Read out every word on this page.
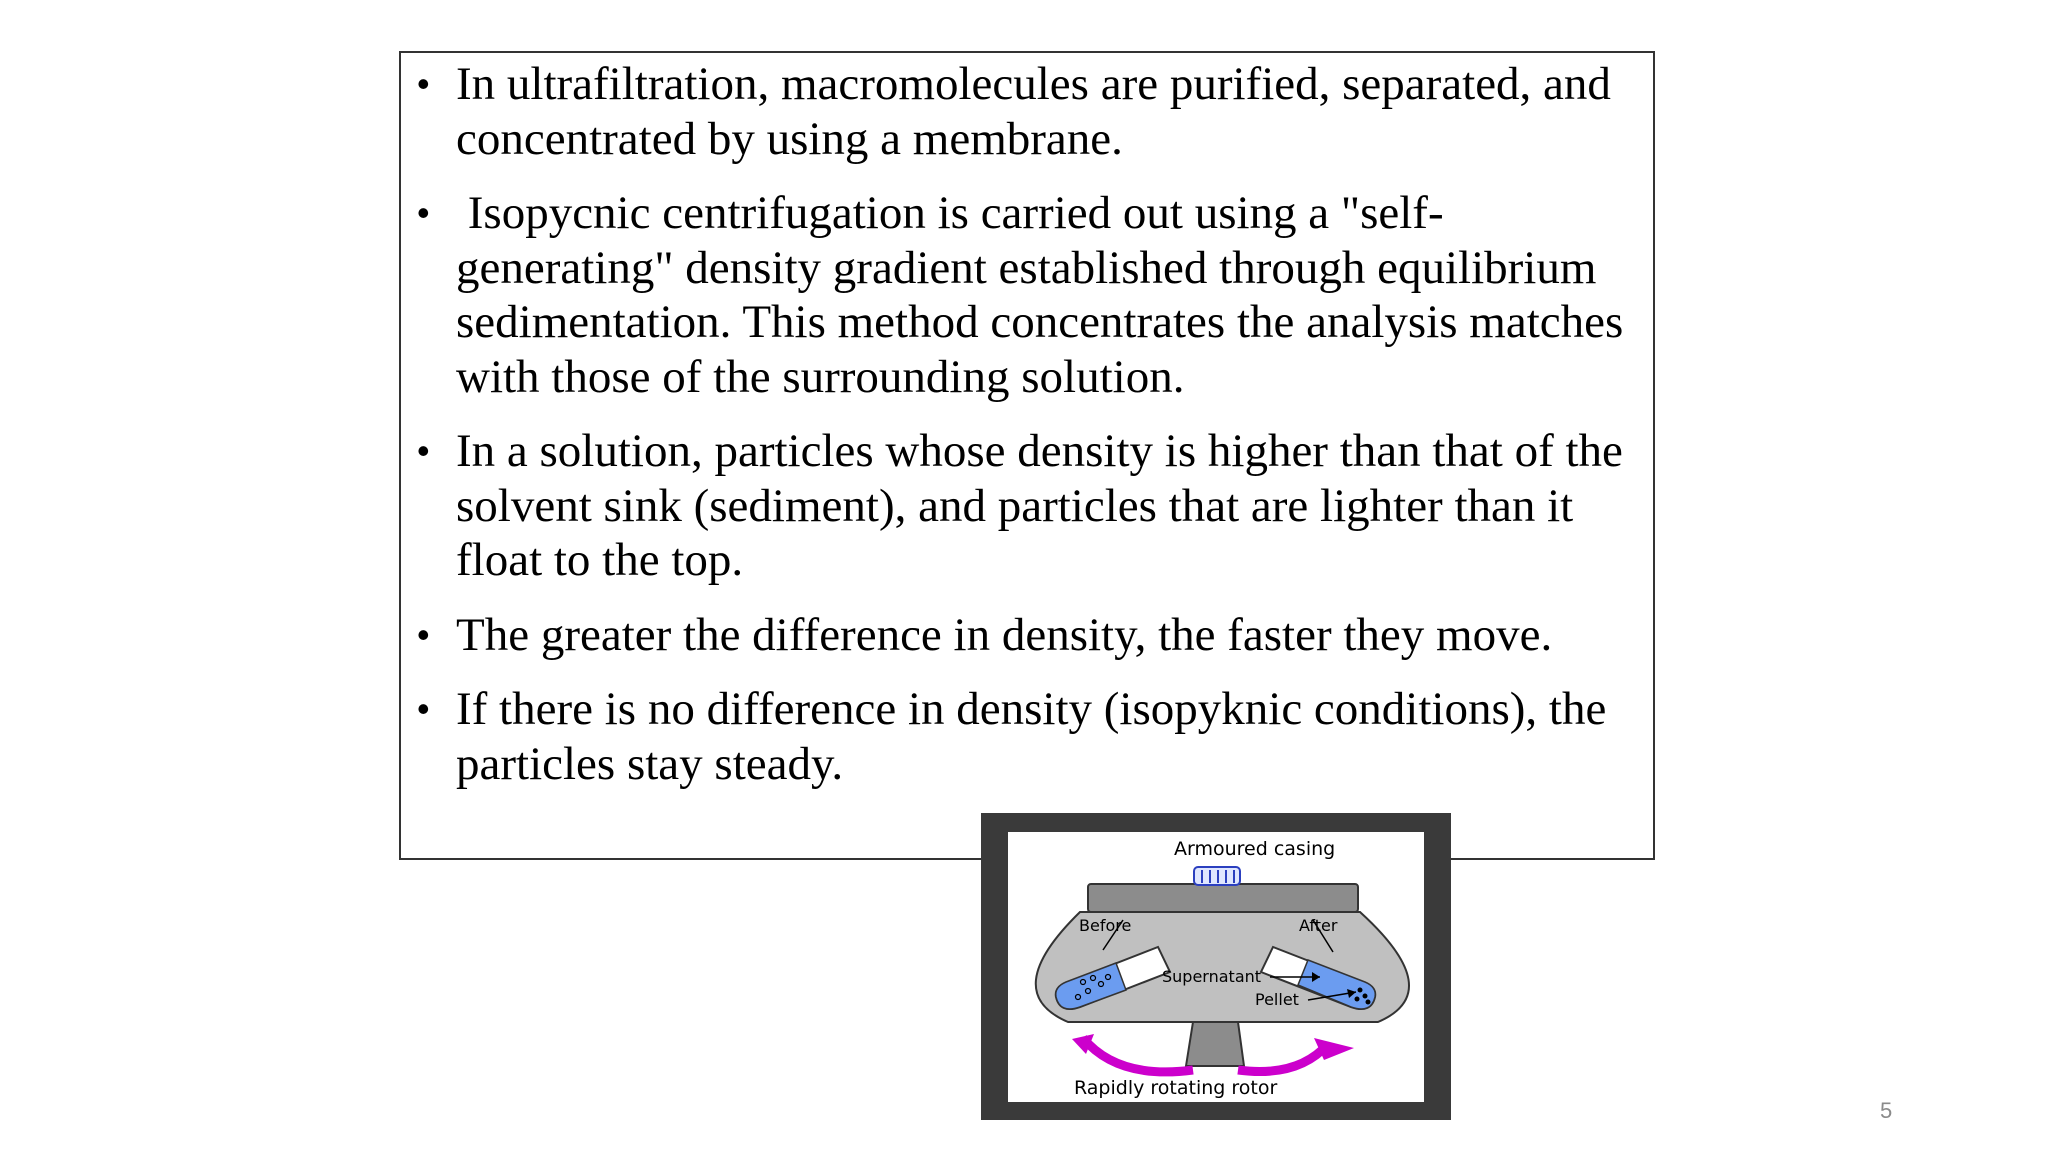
• In ultrafiltration, macromolecules are purified, separated, and concentrated by using a membrane.
• Isopycnic centrifugation is carried out using a "self-generating" density gradient established through equilibrium sedimentation. This method concentrates the analysis matches with those of the surrounding solution.
• In a solution, particles whose density is higher than that of the solvent sink (sediment), and particles that are lighter than it float to the top.
• The greater the difference in density, the faster they move.
• If there is no difference in density (isopyknic conditions), the particles stay steady.
Armoured casing
Before	After
Supernatant
Pellet
Rapidly rotating rotor
5
